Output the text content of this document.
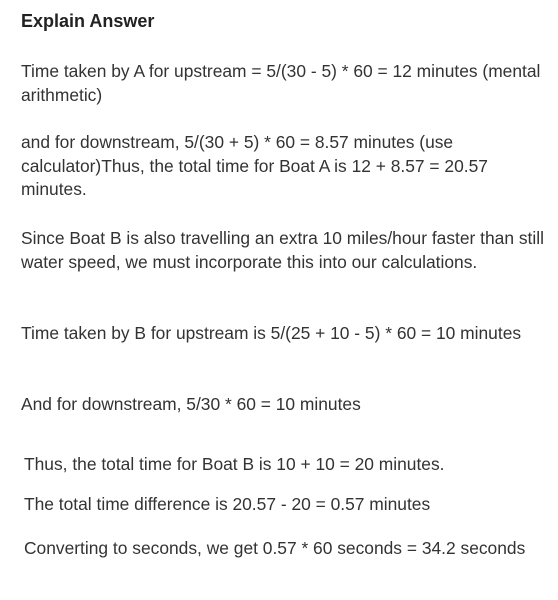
Explain Answer

Time taken by A for upstream = 5/(30 - 5) * 60 = 12 minutes (mental arithmetic)

and for downstream, 5/(30 + 5) * 60 = 8.57 minutes (use calculator)Thus, the total time for Boat A is 12 + 8.57 = 20.57 minutes.

Since Boat B is also travelling an extra 10 miles/hour faster than still water speed, we must incorporate this into our calculations.

Time taken by B for upstream is 5/(25 + 10 - 5) * 60 = 10 minutes

And for downstream, 5/30 * 60 = 10 minutes

Thus, the total time for Boat B is 10 + 10 = 20 minutes.

The total time difference is 20.57 - 20 = 0.57 minutes

Converting to seconds, we get 0.57 * 60 seconds = 34.2 seconds
